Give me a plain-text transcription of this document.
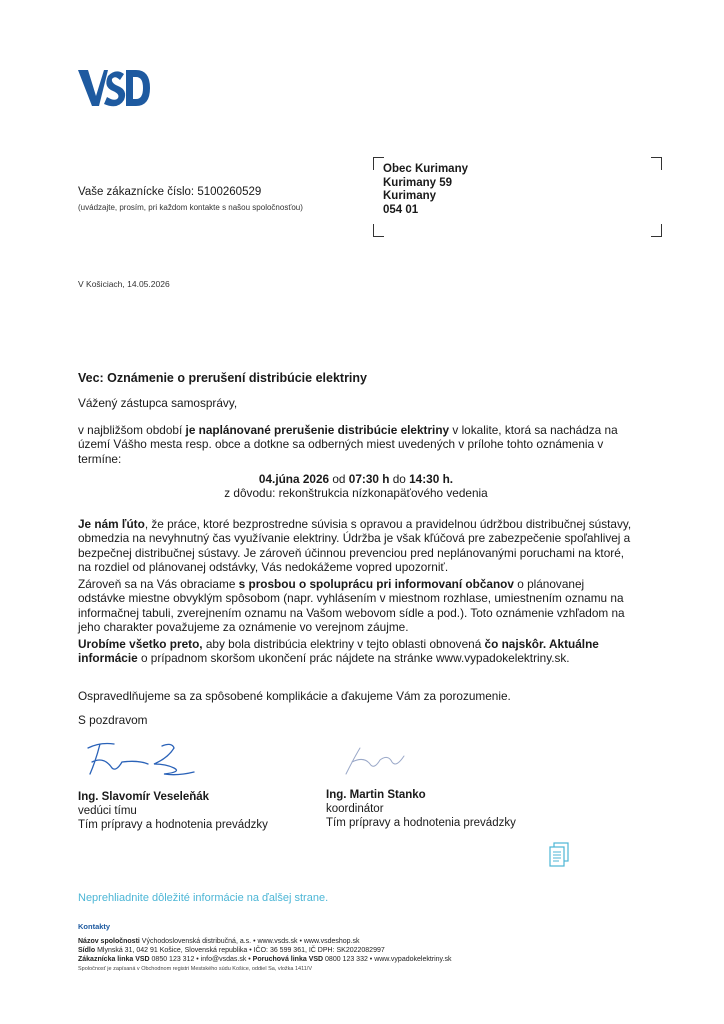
Vaše zákaznícke číslo: 5100260529
(uvádzajte, prosím, pri každom kontakte s našou spoločnosťou)
Obec Kurimany
Kurimany 59
Kurimany
054 01
V Košiciach, 14.05.2026
Vec: Oznámenie o prerušení distribúcie elektriny
Vážený zástupca samosprávy,
v najbližšom období je naplánované prerušenie distribúcie elektriny v lokalite, ktorá sa nachádza na území Vášho mesta resp. obce a dotkne sa odberných miest uvedených v prílohe tohto oznámenia v termíne:
04.júna 2026 od 07:30 h do 14:30 h.
z dôvodu: rekonštrukcia nízkonapäťového vedenia
Je nám ľúto, že práce, ktoré bezprostredne súvisia s opravou a pravidelnou údržbou distribučnej sústavy, obmedzia na nevyhnutný čas využívanie elektriny. Údržba je však kľúčová pre zabezpečenie spoľahlivej a bezpečnej distribučnej sústavy. Je zároveň účinnou prevenciou pred neplánovanými poruchami na ktoré, na rozdiel od plánovanej odstávky, Vás nedokážeme vopred upozorniť.
Zároveň sa na Vás obraciame s prosbou o spoluprácu pri informovaní občanov o plánovanej odstávke miestne obvyklým spôsobom (napr. vyhlásením v miestnom rozhlase, umiestnením oznamu na informačnej tabuli, zverejnením oznamu na Vašom webovom sídle a pod.). Toto oznámenie vzhľadom na jeho charakter považujeme za oznámenie vo verejnom záujme.
Urobíme všetko preto, aby bola distribúcia elektriny v tejto oblasti obnovená čo najskôr. Aktuálne informácie o prípadnom skoršom ukončení prác nájdete na stránke www.vypadokelektriny.sk.
Ospravedlňujeme sa za spôsobené komplikácie a ďakujeme Vám za porozumenie.
S pozdravom
Ing. Slavomír Veseleňák
vedúci tímu
Tím prípravy a hodnotenia prevádzky
Ing. Martin Stanko
koordinátor
Tím prípravy a hodnotenia prevádzky
Neprehliadnite dôležité informácie na ďalšej strane.
Kontakty
Názov spoločnosti Východoslovenská distribučná, a.s. • www.vsds.sk • www.vsdeshop.sk
Sídlo Mlynská 31, 042 91 Košice, Slovenská republika • IČO: 36 599 361, IČ DPH: SK2022082997
Zákaznícka linka VSD 0850 123 312 • info@vsdas.sk • Poruchová linka VSD 0800 123 332 • www.vypadokelektriny.sk
Spoločnosť je zapísaná v Obchodnom registri Mestského súdu Košice, oddiel Sa, vložka 1411/V
